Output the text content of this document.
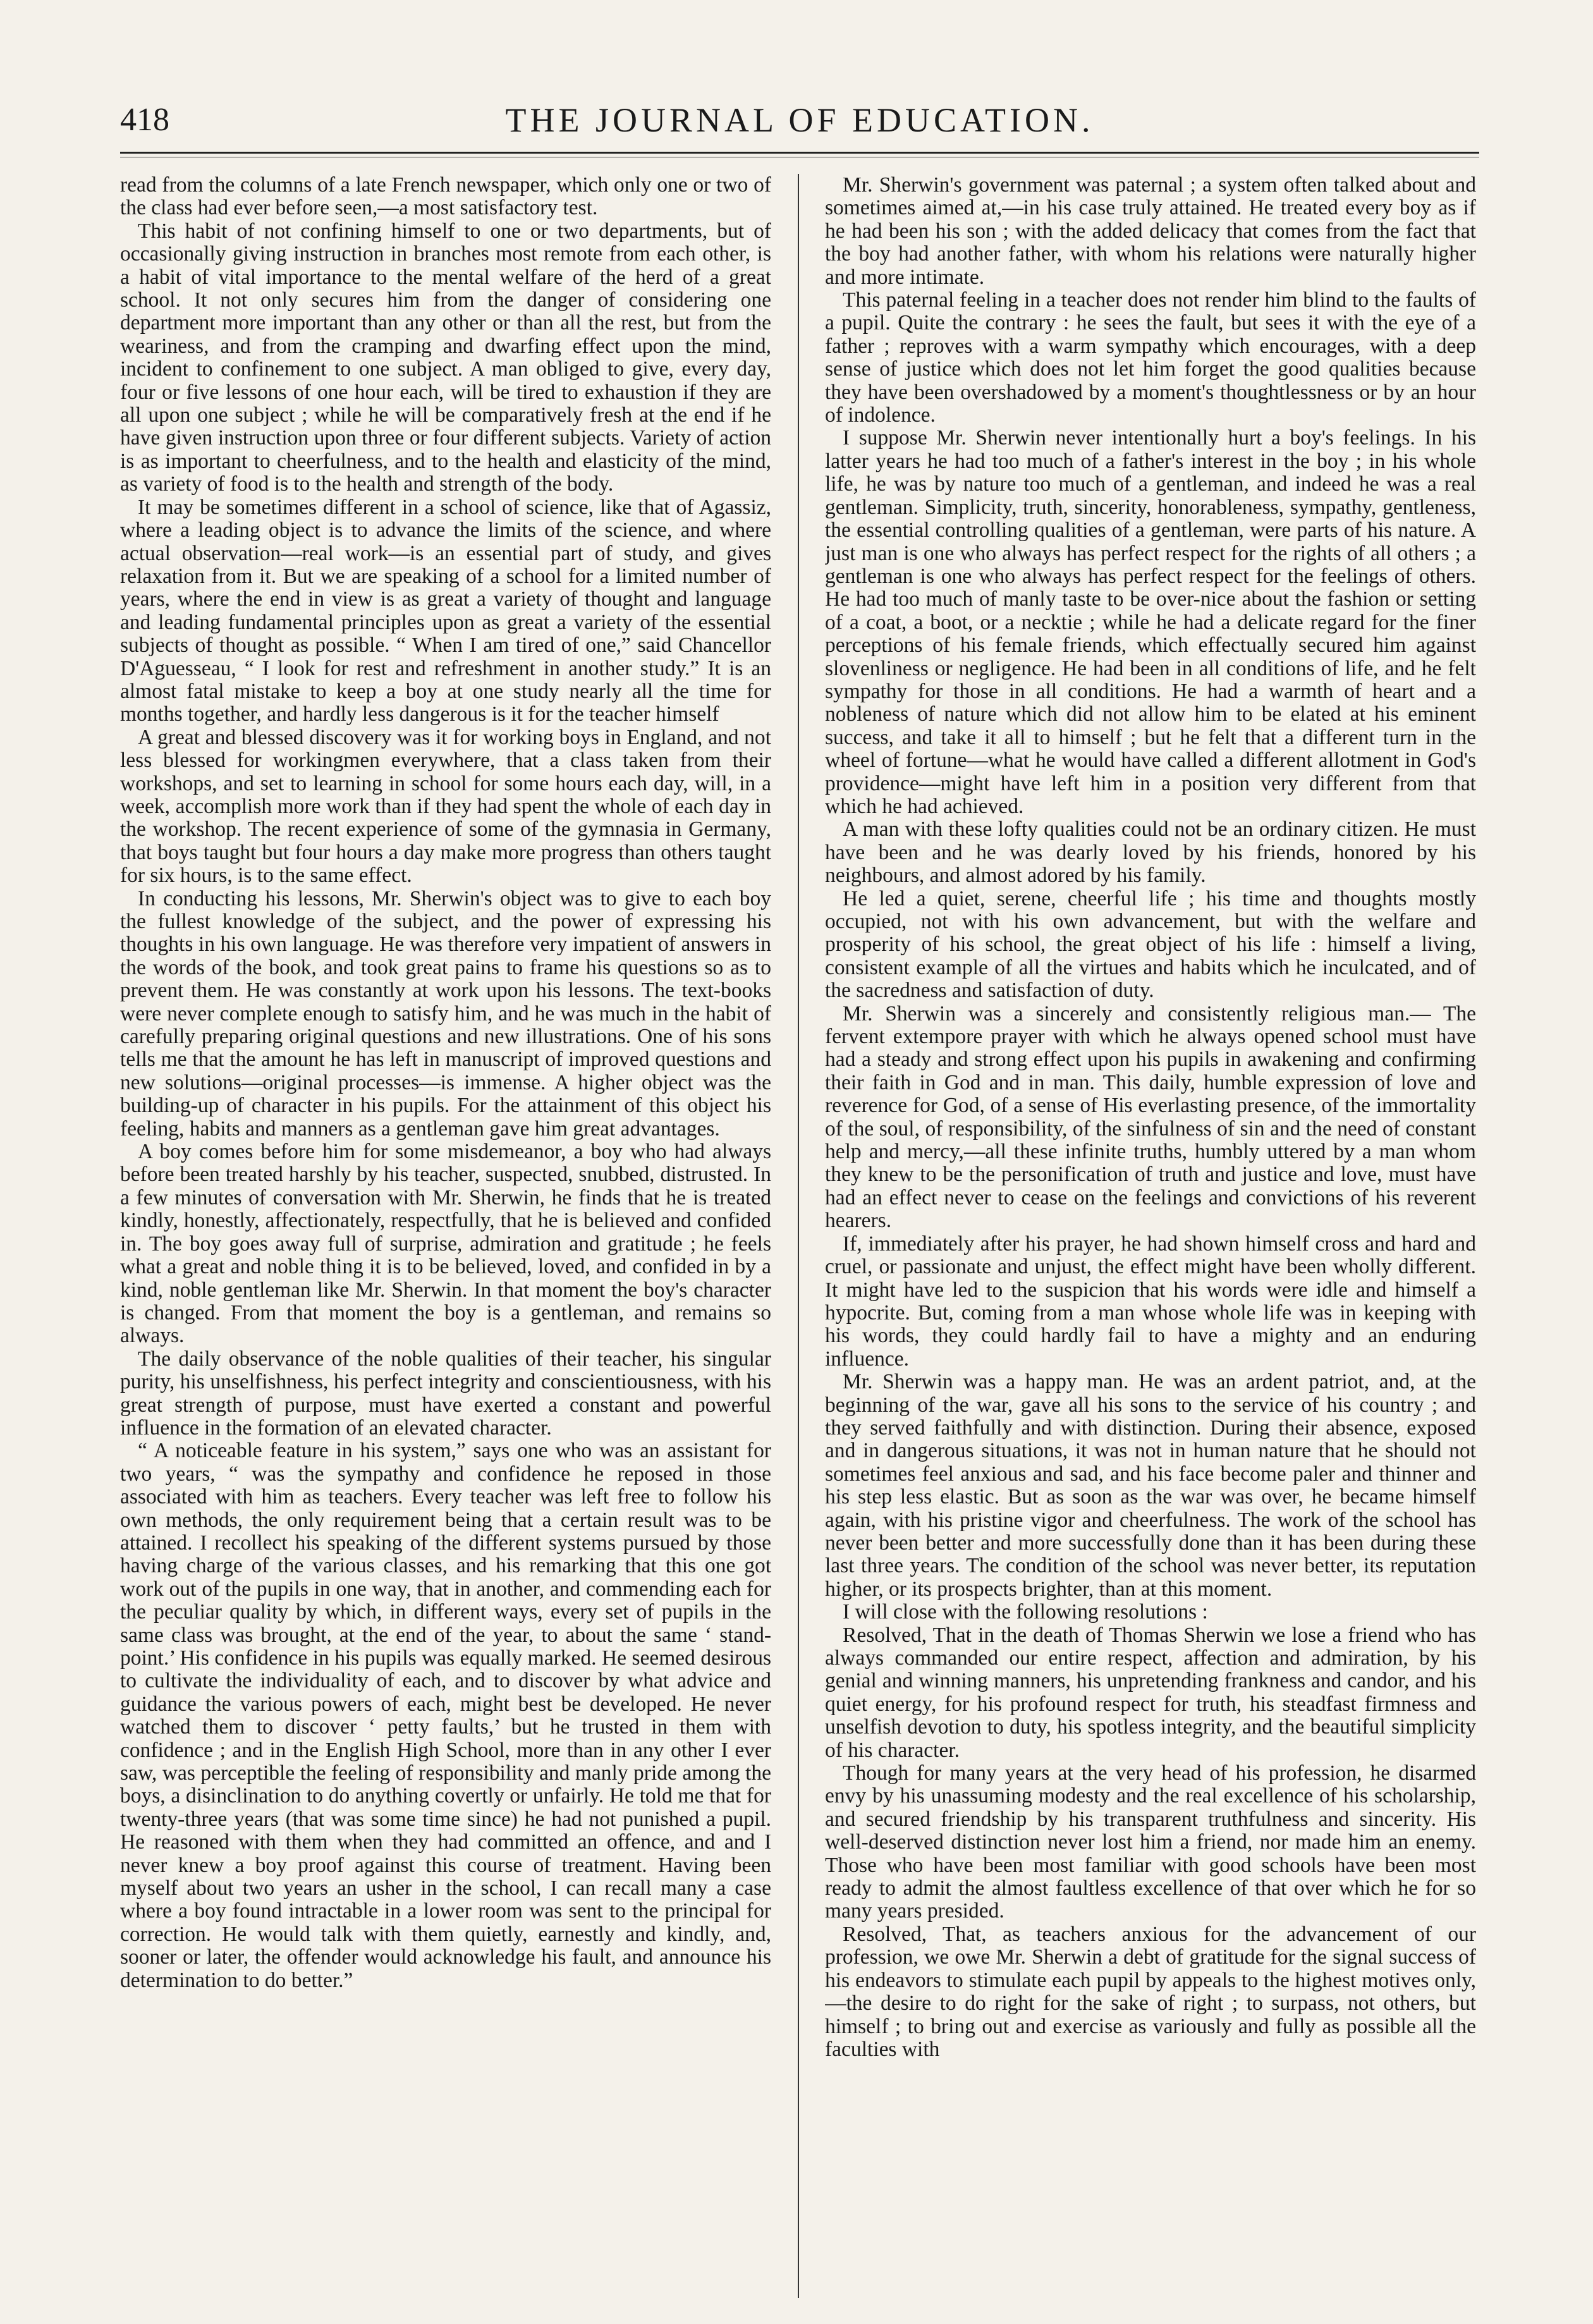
418	THE JOURNAL OF EDUCATION.

read from the columns of a late French newspaper, which only one or two of the class had ever before seen,—a most satisfactory test.

This habit of not confining himself to one or two departments, but of occasionally giving instruction in branches most remote from each other, is a habit of vital importance to the mental welfare of the herd of a great school. It not only secures him from the danger of considering one department more important than any other or than all the rest, but from the weariness, and from the cramping and dwarfing effect upon the mind, incident to confinement to one subject. A man obliged to give, every day, four or five lessons of one hour each, will be tired to exhaustion if they are all upon one subject ; while he will be comparatively fresh at the end if he have given instruction upon three or four different subjects. Variety of action is as important to cheerfulness, and to the health and elasticity of the mind, as variety of food is to the health and strength of the body.

It may be sometimes different in a school of science, like that of Agassiz, where a leading object is to advance the limits of the science, and where actual observation—real work—is an essential part of study, and gives relaxation from it. But we are speaking of a school for a limited number of years, where the end in view is as great a variety of thought and language and leading fundamental principles upon as great a variety of the essential subjects of thought as possible. “ When I am tired of one,” said Chancellor D'Aguesseau, “ I look for rest and refreshment in another study.” It is an almost fatal mistake to keep a boy at one study nearly all the time for months together, and hardly less dangerous is it for the teacher himself

A great and blessed discovery was it for working boys in England, and not less blessed for workingmen everywhere, that a class taken from their workshops, and set to learning in school for some hours each day, will, in a week, accomplish more work than if they had spent the whole of each day in the workshop. The recent experience of some of the gymnasia in Germany, that boys taught but four hours a day make more progress than others taught for six hours, is to the same effect.

In conducting his lessons, Mr. Sherwin's object was to give to each boy the fullest knowledge of the subject, and the power of expressing his thoughts in his own language. He was therefore very impatient of answers in the words of the book, and took great pains to frame his questions so as to prevent them. He was constantly at work upon his lessons. The text-books were never complete enough to satisfy him, and he was much in the habit of carefully preparing original questions and new illustrations. One of his sons tells me that the amount he has left in manuscript of improved questions and new solutions—original processes—is immense. A higher object was the building-up of character in his pupils. For the attainment of this object his feeling, habits and manners as a gentleman gave him great advantages.

A boy comes before him for some misdemeanor, a boy who had always before been treated harshly by his teacher, suspected, snubbed, distrusted. In a few minutes of conversation with Mr. Sherwin, he finds that he is treated kindly, honestly, affectionately, respectfully, that he is believed and confided in. The boy goes away full of surprise, admiration and gratitude ; he feels what a great and noble thing it is to be believed, loved, and confided in by a kind, noble gentleman like Mr. Sherwin. In that moment the boy's character is changed. From that moment the boy is a gentleman, and remains so always.

The daily observance of the noble qualities of their teacher, his singular purity, his unselfishness, his perfect integrity and conscientiousness, with his great strength of purpose, must have exerted a constant and powerful influence in the formation of an elevated character.

“ A noticeable feature in his system,” says one who was an assistant for two years, “ was the sympathy and confidence he reposed in those associated with him as teachers. Every teacher was left free to follow his own methods, the only requirement being that a certain result was to be attained. I recollect his speaking of the different systems pursued by those having charge of the various classes, and his remarking that this one got work out of the pupils in one way, that in another, and commending each for the peculiar quality by which, in different ways, every set of pupils in the same class was brought, at the end of the year, to about the same ‘ stand-point.’ His confidence in his pupils was equally marked. He seemed desirous to cultivate the individuality of each, and to discover by what advice and guidance the various powers of each, might best be developed. He never watched them to discover ‘ petty faults,’ but he trusted in them with confidence ; and in the English High School, more than in any other I ever saw, was perceptible the feeling of responsibility and manly pride among the boys, a disinclination to do anything covertly or unfairly. He told me that for twenty-three years (that was some time since) he had not punished a pupil. He reasoned with them when they had committed an offence, and and I never knew a boy proof against this course of treatment. Having been myself about two years an usher in the school, I can recall many a case where a boy found intractable in a lower room was sent to the principal for correction. He would talk with them quietly, earnestly and kindly, and, sooner or later, the offender would acknowledge his fault, and announce his determination to do better.”

Mr. Sherwin's government was paternal ; a system often talked about and sometimes aimed at,—in his case truly attained. He treated every boy as if he had been his son ; with the added delicacy that comes from the fact that the boy had another father, with whom his relations were naturally higher and more intimate.

This paternal feeling in a teacher does not render him blind to the faults of a pupil. Quite the contrary : he sees the fault, but sees it with the eye of a father ; reproves with a warm sympathy which encourages, with a deep sense of justice which does not let him forget the good qualities because they have been overshadowed by a moment's thoughtlessness or by an hour of indolence.

I suppose Mr. Sherwin never intentionally hurt a boy's feelings. In his latter years he had too much of a father's interest in the boy ; in his whole life, he was by nature too much of a gentleman, and indeed he was a real gentleman. Simplicity, truth, sincerity, honorableness, sympathy, gentleness, the essential controlling qualities of a gentleman, were parts of his nature. A just man is one who always has perfect respect for the rights of all others ; a gentleman is one who always has perfect respect for the feelings of others. He had too much of manly taste to be over-nice about the fashion or setting of a coat, a boot, or a necktie ; while he had a delicate regard for the finer perceptions of his female friends, which effectually secured him against slovenliness or negligence. He had been in all conditions of life, and he felt sympathy for those in all conditions. He had a warmth of heart and a nobleness of nature which did not allow him to be elated at his eminent success, and take it all to himself ; but he felt that a different turn in the wheel of fortune—what he would have called a different allotment in God's providence—might have left him in a position very different from that which he had achieved.

A man with these lofty qualities could not be an ordinary citizen. He must have been and he was dearly loved by his friends, honored by his neighbours, and almost adored by his family.

He led a quiet, serene, cheerful life ; his time and thoughts mostly occupied, not with his own advancement, but with the welfare and prosperity of his school, the great object of his life : himself a living, consistent example of all the virtues and habits which he inculcated, and of the sacredness and satisfaction of duty.

Mr. Sherwin was a sincerely and consistently religious man.— The fervent extempore prayer with which he always opened school must have had a steady and strong effect upon his pupils in awakening and confirming their faith in God and in man. This daily, humble expression of love and reverence for God, of a sense of His everlasting presence, of the immortality of the soul, of responsibility, of the sinfulness of sin and the need of constant help and mercy,—all these infinite truths, humbly uttered by a man whom they knew to be the personification of truth and justice and love, must have had an effect never to cease on the feelings and convictions of his reverent hearers.

If, immediately after his prayer, he had shown himself cross and hard and cruel, or passionate and unjust, the effect might have been wholly different. It might have led to the suspicion that his words were idle and himself a hypocrite. But, coming from a man whose whole life was in keeping with his words, they could hardly fail to have a mighty and an enduring influence.

Mr. Sherwin was a happy man. He was an ardent patriot, and, at the beginning of the war, gave all his sons to the service of his country ; and they served faithfully and with distinction. During their absence, exposed and in dangerous situations, it was not in human nature that he should not sometimes feel anxious and sad, and his face become paler and thinner and his step less elastic. But as soon as the war was over, he became himself again, with his pristine vigor and cheerfulness. The work of the school has never been better and more successfully done than it has been during these last three years. The condition of the school was never better, its reputation higher, or its prospects brighter, than at this moment.

I will close with the following resolutions :

Resolved, That in the death of Thomas Sherwin we lose a friend who has always commanded our entire respect, affection and admiration, by his genial and winning manners, his unpretending frankness and candor, and his quiet energy, for his profound respect for truth, his steadfast firmness and unselfish devotion to duty, his spotless integrity, and the beautiful simplicity of his character.

Though for many years at the very head of his profession, he disarmed envy by his unassuming modesty and the real excellence of his scholarship, and secured friendship by his transparent truthfulness and sincerity. His well-deserved distinction never lost him a friend, nor made him an enemy. Those who have been most familiar with good schools have been most ready to admit the almost faultless excellence of that over which he for so many years presided.

Resolved, That, as teachers anxious for the advancement of our profession, we owe Mr. Sherwin a debt of gratitude for the signal success of his endeavors to stimulate each pupil by appeals to the highest motives only,—the desire to do right for the sake of right ; to surpass, not others, but himself ; to bring out and exercise as variously and fully as possible all the faculties with
